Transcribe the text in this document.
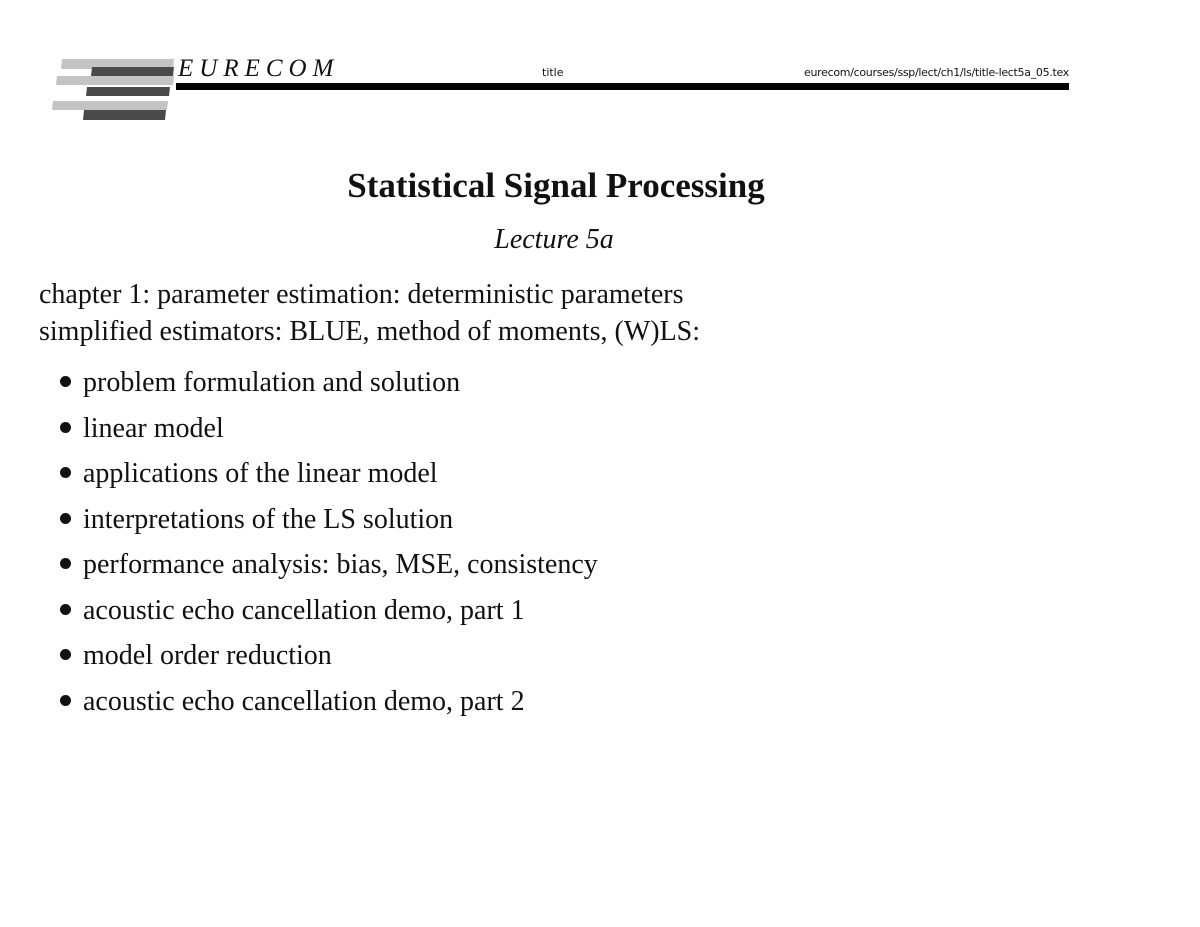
EURECOM	title	eurecom/courses/ssp/lect/ch1/ls/title-lect5a_05.tex
Statistical Signal Processing
Lecture 5a
chapter 1: parameter estimation: deterministic parameters
simplified estimators: BLUE, method of moments, (W)LS:
problem formulation and solution
linear model
applications of the linear model
interpretations of the LS solution
performance analysis: bias, MSE, consistency
acoustic echo cancellation demo, part 1
model order reduction
acoustic echo cancellation demo, part 2
